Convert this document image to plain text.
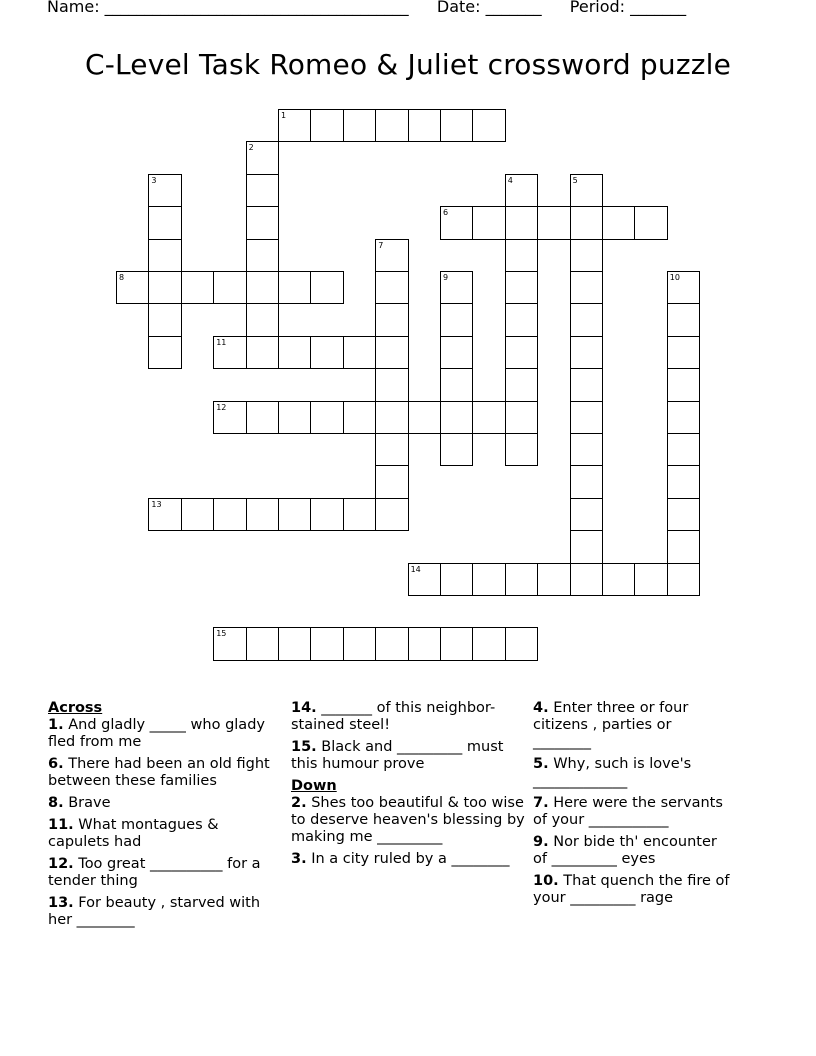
Name: ______________________________________ Date: _______ Period: _______
C-Level Task Romeo & Juliet crossword puzzle
1
2
3	4	5
6
7
8	9	10
11
12
13
14
15

Across

1. And gladly _____ who glady fled from me

6. There had been an old fight between these families

8. Brave

11. What montagues & capulets had

12. Too great __________ for a tender thing

13. For beauty , starved with her ________

14. _______ of this neighbor- stained steel!

15. Black and _________ must this humour prove

Down

2. Shes too beautiful & too wise to deserve heaven's blessing by making me _________

3. In a city ruled by a ________

4. Enter three or four citizens , parties or ________

5. Why, such is love's _____________

7. Here were the servants of your ___________

9. Nor bide th' encounter of _________ eyes

10. That quench the fire of your _________ rage
